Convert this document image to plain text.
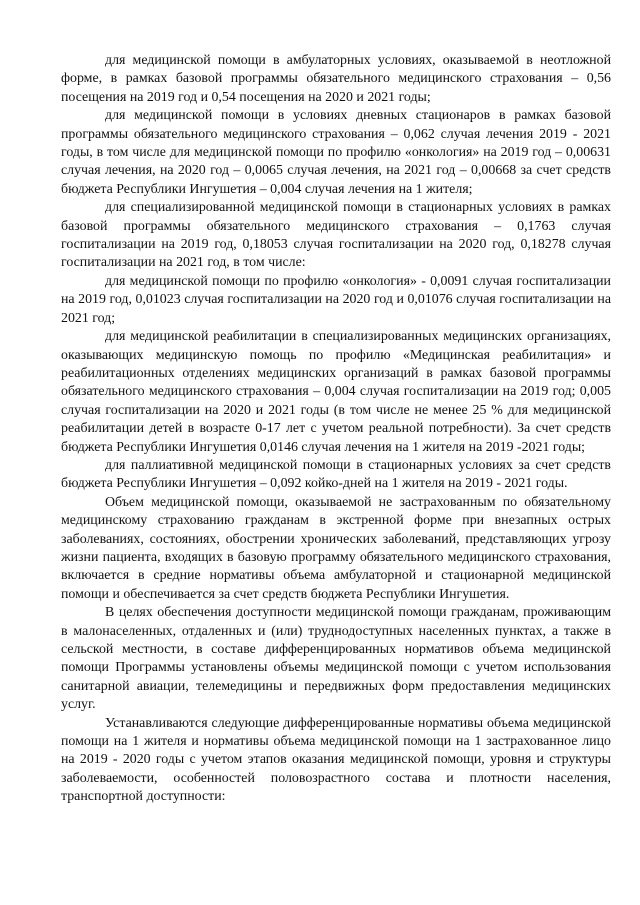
для медицинской помощи в амбулаторных условиях, оказываемой в неотложной форме, в рамках базовой программы обязательного медицинского страхования – 0,56 посещения на 2019 год и 0,54 посещения на 2020 и 2021 годы;

для медицинской помощи в условиях дневных стационаров в рамках базовой программы обязательного медицинского страхования – 0,062 случая лечения 2019 - 2021 годы, в том числе для медицинской помощи по профилю «онкология» на 2019 год – 0,00631 случая лечения, на 2020 год – 0,0065 случая лечения, на 2021 год – 0,00668 за счет средств бюджета Республики Ингушетия – 0,004 случая лечения на 1 жителя;

для специализированной медицинской помощи в стационарных условиях в рамках базовой программы обязательного медицинского страхования – 0,1763 случая госпитализации на 2019 год, 0,18053 случая госпитализации на 2020 год, 0,18278 случая госпитализации на 2021 год, в том числе:

для медицинской помощи по профилю «онкология» - 0,0091 случая госпитализации на 2019 год, 0,01023 случая госпитализации на 2020 год и 0,01076 случая госпитализации на 2021 год;

для медицинской реабилитации в специализированных медицинских организациях, оказывающих медицинскую помощь по профилю «Медицинская реабилитация» и реабилитационных отделениях медицинских организаций в рамках базовой программы обязательного медицинского страхования – 0,004 случая госпитализации на 2019 год; 0,005 случая госпитализации на 2020 и 2021 годы (в том числе не менее 25 % для медицинской реабилитации детей в возрасте 0-17 лет с учетом реальной потребности). За счет средств бюджета Республики Ингушетия 0,0146 случая лечения на 1 жителя на 2019 -2021 годы;

для паллиативной медицинской помощи в стационарных условиях за счет средств бюджета Республики Ингушетия – 0,092 койко-дней на 1 жителя на 2019 - 2021 годы.

Объем медицинской помощи, оказываемой не застрахованным по обязательному медицинскому страхованию гражданам в экстренной форме при внезапных острых заболеваниях, состояниях, обострении хронических заболеваний, представляющих угрозу жизни пациента, входящих в базовую программу обязательного медицинского страхования, включается в средние нормативы объема амбулаторной и стационарной медицинской помощи и обеспечивается за счет средств бюджета Республики Ингушетия.

В целях обеспечения доступности медицинской помощи гражданам, проживающим в малонаселенных, отдаленных и (или) труднодоступных населенных пунктах, а также в сельской местности, в составе дифференцированных нормативов объема медицинской помощи Программы установлены объемы медицинской помощи с учетом использования санитарной авиации, телемедицины и передвижных форм предоставления медицинских услуг.

Устанавливаются следующие дифференцированные нормативы объема медицинской помощи на 1 жителя и нормативы объема медицинской помощи на 1 застрахованное лицо на 2019 - 2020 годы с учетом этапов оказания медицинской помощи, уровня и структуры заболеваемости, особенностей половозрастного состава и плотности населения, транспортной доступности:
